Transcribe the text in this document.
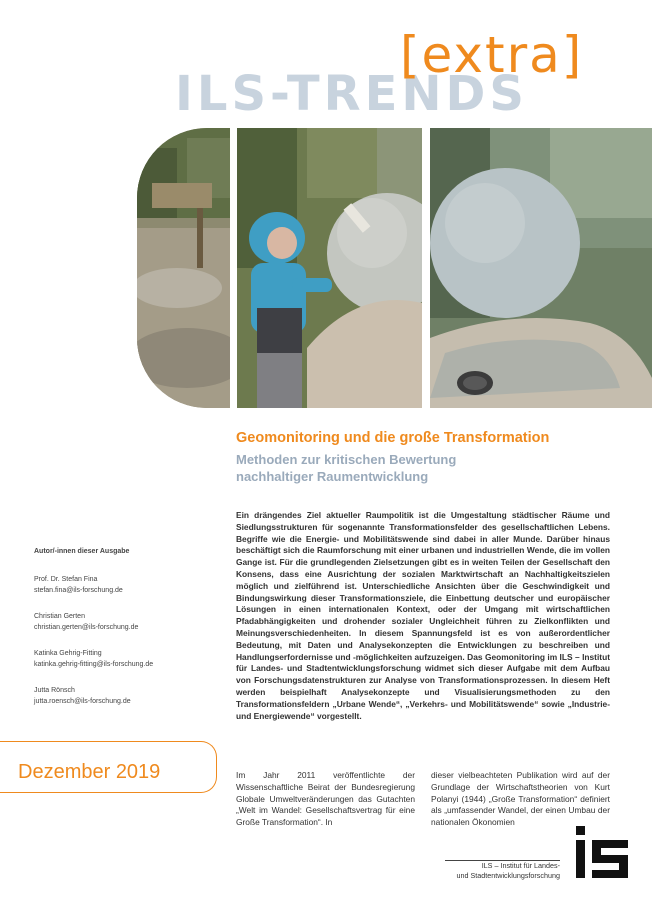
ILS-TRENDS
[extra]
Geomonitoring und die große Transformation
Methoden zur kritischen Bewertung
nachhaltiger Raumentwicklung
Autor/-innen dieser Ausgabe
Prof. Dr. Stefan Fina
stefan.fina@ils-forschung.de
Christian Gerten
christian.gerten@ils-forschung.de
Katinka Gehrig-Fitting
katinka.gehrig-fitting@ils-forschung.de
Jutta Rönsch
jutta.roensch@ils-forschung.de
Dezember 2019
Ein drängendes Ziel aktueller Raumpolitik ist die Umgestaltung städtischer Räume und Siedlungsstrukturen für sogenannte Transformationsfelder des gesellschaftlichen Lebens. Begriffe wie die Energie- und Mobilitätswende sind dabei in aller Munde. Darüber hinaus beschäftigt sich die Raumforschung mit einer urbanen und industriellen Wende, die im vollen Gange ist. Für die grundlegenden Zielsetzungen gibt es in weiten Teilen der Gesellschaft den Konsens, dass eine Ausrichtung der sozialen Marktwirtschaft an Nachhaltigkeitszielen möglich und zielführend ist. Unterschiedliche Ansichten über die Geschwindigkeit und Bindungswirkung dieser Transformationsziele, die Einbettung deutscher und europäischer Lösungen in einen internationalen Kontext, oder der Umgang mit wirtschaftlichen Pfadabhängigkeiten und drohender sozialer Ungleichheit führen zu Zielkonflikten und Meinungsverschiedenheiten. In diesem Spannungsfeld ist es von außerordentlicher Bedeutung, mit Daten und Analysekonzepten die Entwicklungen zu beschreiben und Handlungserfordernisse und -möglichkeiten aufzuzeigen. Das Geomonitoring im ILS – Institut für Landes- und Stadtentwicklungsforschung widmet sich dieser Aufgabe mit dem Aufbau von Forschungsdatenstrukturen zur Analyse von Transformationsprozessen. In diesem Heft werden beispielhaft Analysekonzepte und Visualisierungsmethoden zu den Transformationsfeldern „Urbane Wende“, „Verkehrs- und Mobilitätswende“ sowie „Industrie- und Energiewende“ vorgestellt.
Im Jahr 2011 veröffentlichte der Wissenschaftliche Beirat der Bundesregierung Globale Umweltveränderungen das Gutachten „Welt im Wandel: Gesellschaftsvertrag für eine Große Transformation“. In
dieser vielbeachteten Publikation wird auf der Grundlage der Wirtschaftstheorien von Kurt Polanyi (1944) „Große Transformation“ definiert als „umfassender Wandel, der einen Umbau der nationalen Ökonomien
ILS – Institut für Landes-
und Stadtentwicklungsforschung
